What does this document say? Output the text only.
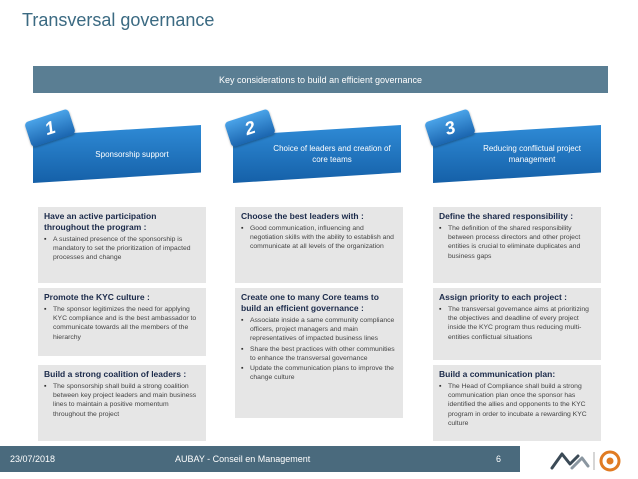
Transversal governance
Key considerations to build an efficient governance
Sponsorship support
1
Choice of leaders and creation of core teams
2
Reducing conflictual project management
3
Have an active participation throughout the program :
▪ A sustained presence of the sponsorship is mandatory to set the prioritization of impacted processes and change
Promote the KYC culture :
▪ The sponsor legitimizes the need for applying KYC compliance and is the best ambassador to communicate towards all the members of the hierarchy
Build a strong coalition of leaders :
▪ The sponsorship shall build a strong coalition between key project leaders and main business lines to maintain a positive momentum throughout the project
Choose the best leaders with :
▪ Good communication, influencing and negotiation skills with the ability to establish and communicate at all levels of the organization
Create one to many Core teams to build an efficient governance :
▪ Associate inside a same community compliance officers, project managers and main representatives of impacted business lines
▪ Share the best practices with other communities to enhance the transversal governance
▪ Update the communication plans to improve the change culture
Define the shared responsibility :
▪ The definition of the shared responsibility between process directors and other project entities is crucial to eliminate duplicates and business gaps
Assign priority to each project :
▪ The transversal governance aims at prioritizing the objectives and deadline of every project inside the KYC program thus reducing multi-entities conflictual situations
Build a communication plan:
▪ The Head of Compliance shall build a strong communication plan once the sponsor has identified the allies and opponents to the KYC program in order to incubate a rewarding KYC culture
23/07/2018	AUBAY - Conseil en Management	6
